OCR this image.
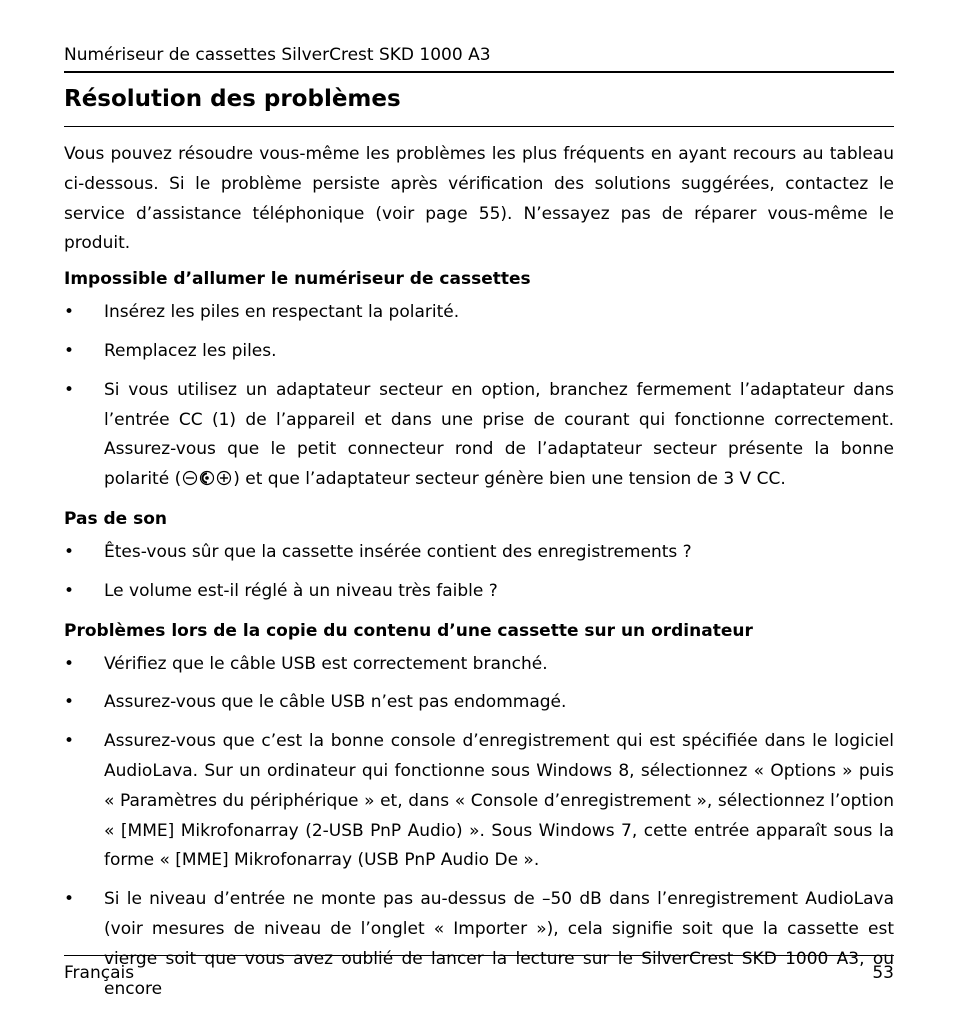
Numériseur de cassettes SilverCrest SKD 1000 A3
Résolution des problèmes

Vous pouvez résoudre vous-même les problèmes les plus fréquents en ayant recours au tableau ci-dessous. Si le problème persiste après vérification des solutions suggérées, contactez le service d’assistance téléphonique (voir page 55). N’essayez pas de réparer vous-même le produit.

Impossible d’allumer le numériseur de cassettes
• Insérez les piles en respectant la polarité.
• Remplacez les piles.
• Si vous utilisez un adaptateur secteur en option, branchez fermement l’adaptateur dans l’entrée CC (1) de l’appareil et dans une prise de courant qui fonctionne correctement. Assurez-vous que le petit connecteur rond de l’adaptateur secteur présente la bonne polarité (	) et que l’adaptateur secteur génère bien une tension de 3 V CC.
Pas de son
• Êtes-vous sûr que la cassette insérée contient des enregistrements ?
• Le volume est-il réglé à un niveau très faible ?
Problèmes lors de la copie du contenu d’une cassette sur un ordinateur
• Vérifiez que le câble USB est correctement branché.
• Assurez-vous que le câble USB n’est pas endommagé.
• Assurez-vous que c’est la bonne console d’enregistrement qui est spécifiée dans le logiciel AudioLava. Sur un ordinateur qui fonctionne sous Windows 8, sélectionnez « Options » puis « Paramètres du périphérique » et, dans « Console d’enregistrement », sélectionnez l’option « [MME] Mikrofonarray (2-USB PnP Audio) ». Sous Windows 7, cette entrée apparaît sous la forme « [MME] Mikrofonarray (USB PnP Audio De ».
• Si le niveau d’entrée ne monte pas au-dessus de –50 dB dans l’enregistrement AudioLava (voir mesures de niveau de l’onglet « Importer »), cela signifie soit que la cassette est vierge soit que vous avez oublié de lancer la lecture sur le SilverCrest SKD 1000 A3, ou encore
Français	53
